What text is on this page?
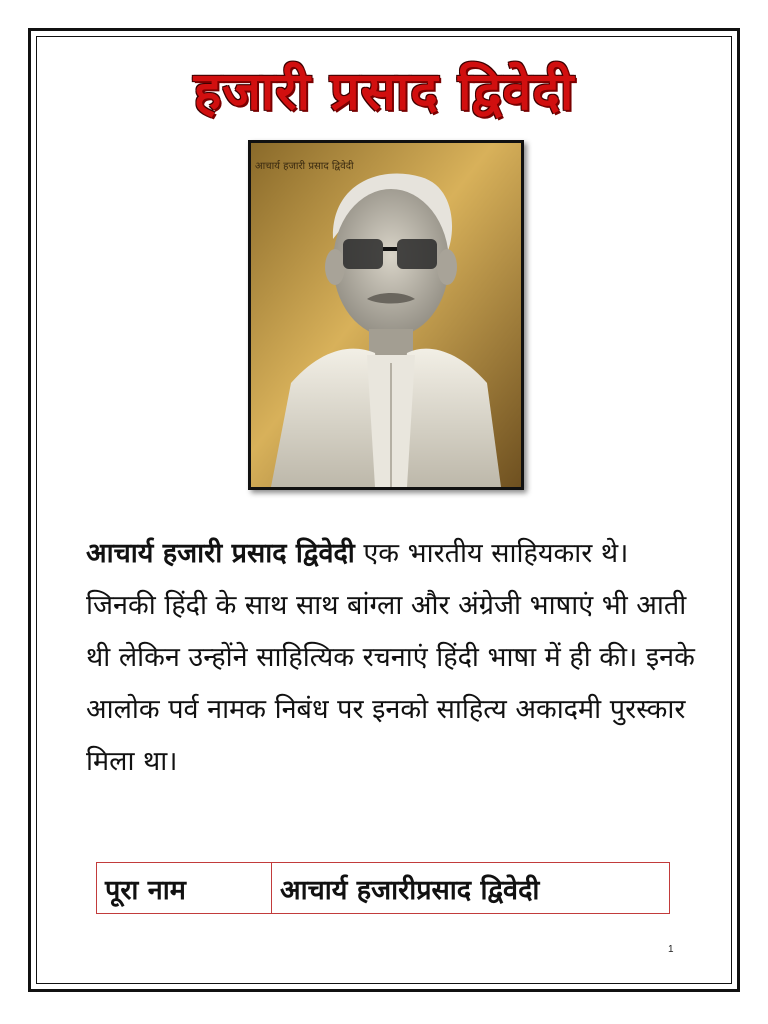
हजारी प्रसाद द्विवेदी
आचार्य हजारी प्रसाद द्विवेदी

आचार्य हजारी प्रसाद द्विवेदी एक भारतीय साहियकार थे। जिनकी हिंदी के साथ साथ बांग्ला और अंग्रेजी भाषाएं भी आती थी लेकिन उन्होंने साहित्यिक रचनाएं हिंदी भाषा में ही की। इनके आलोक पर्व नामक निबंध पर इनको साहित्य अकादमी पुरस्कार मिला था।

पूरा नाम	आचार्य हजारीप्रसाद द्विवेदी
1
